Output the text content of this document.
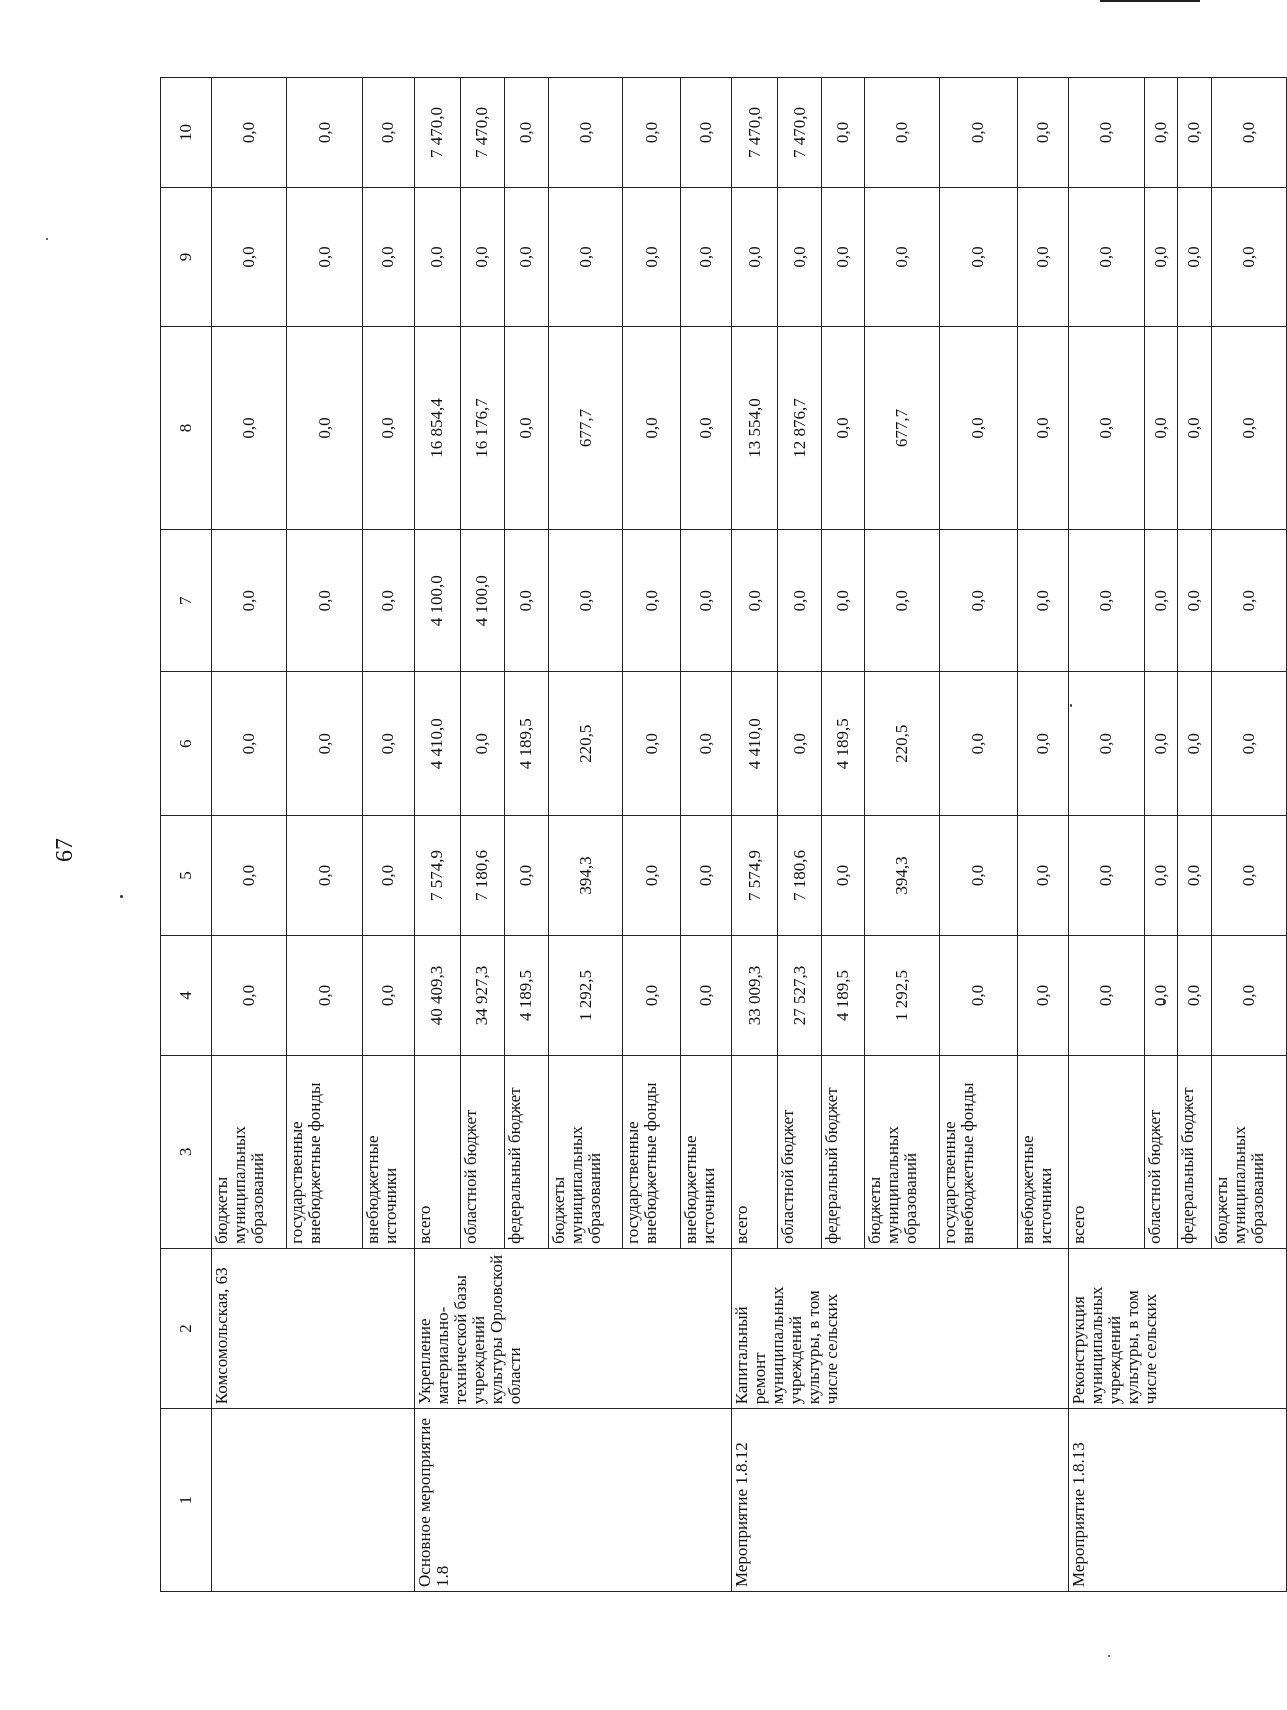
67
1	2	3	4	5	6	7	8	9	10
	Комсомольская, 63	бюджеты муниципальных образований	0,0	0,0	0,0	0,0	0,0	0,0	0,0
		государственные внебюджетные фонды	0,0	0,0	0,0	0,0	0,0	0,0	0,0
		внебюджетные источники	0,0	0,0	0,0	0,0	0,0	0,0	0,0
Основное мероприятие 1.8	Укрепление материально-технической базы учреждений культуры Орловской области	всего	40 409,3	7 574,9	4 410,0	4 100,0	16 854,4	0,0	7 470,0
		областной бюджет	34 927,3	7 180,6	0,0	4 100,0	16 176,7	0,0	7 470,0
		федеральный бюджет	4 189,5	0,0	4 189,5	0,0	0,0	0,0	0,0
		бюджеты муниципальных образований	1 292,5	394,3	220,5	0,0	677,7	0,0	0,0
		государственные внебюджетные фонды	0,0	0,0	0,0	0,0	0,0	0,0	0,0
		внебюджетные источники	0,0	0,0	0,0	0,0	0,0	0,0	0,0
Мероприятие 1.8.12	Капитальный ремонт муниципальных учреждений культуры, в том числе сельских	всего	33 009,3	7 574,9	4 410,0	0,0	13 554,0	0,0	7 470,0
		областной бюджет	27 527,3	7 180,6	0,0	0,0	12 876,7	0,0	7 470,0
		федеральный бюджет	4 189,5	0,0	4 189,5	0,0	0,0	0,0	0,0
		бюджеты муниципальных образований	1 292,5	394,3	220,5	0,0	677,7	0,0	0,0
		государственные внебюджетные фонды	0,0	0,0	0,0	0,0	0,0	0,0	0,0
		внебюджетные источники	0,0	0,0	0,0	0,0	0,0	0,0	0,0
Мероприятие 1.8.13	Реконструкция муниципальных учреждений культуры, в том числе сельских	всего	0,0	0,0	0,0	0,0	0,0	0,0	0,0
		областной бюджет	0,0	0,0	0,0	0,0	0,0	0,0	0,0
		федеральный бюджет	0,0	0,0	0,0	0,0	0,0	0,0	0,0
		бюджеты муниципальных образований	0,0	0,0	0,0	0,0	0,0	0,0	0,0
